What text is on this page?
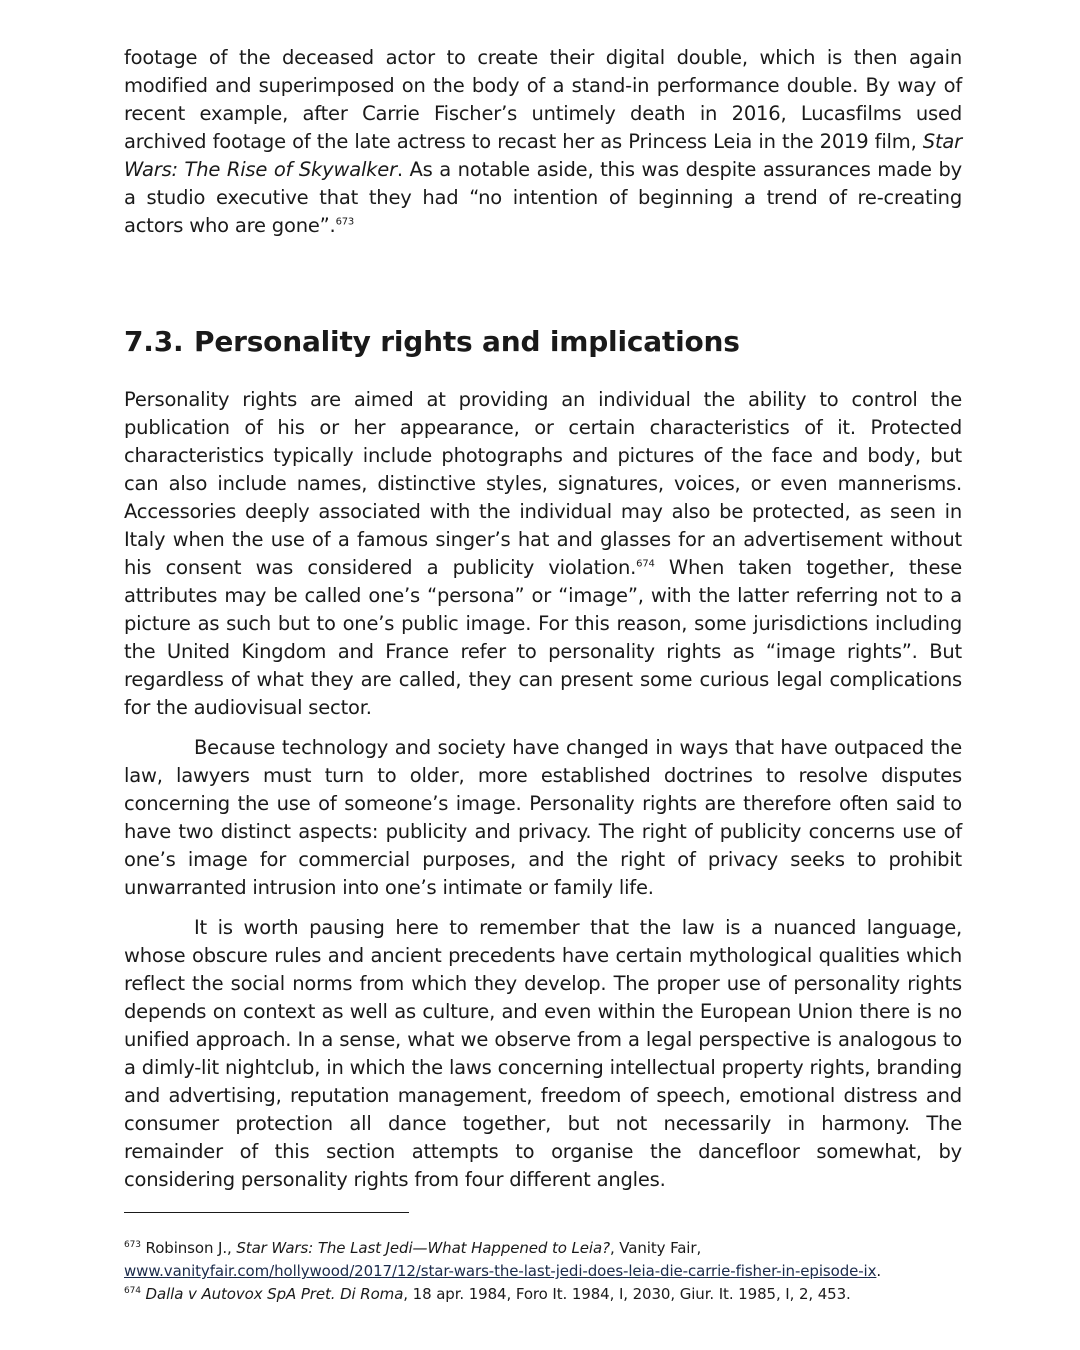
footage of the deceased actor to create their digital double, which is then again modified and superimposed on the body of a stand-in performance double. By way of recent example, after Carrie Fischer’s untimely death in 2016, Lucasfilms used archived footage of the late actress to recast her as Princess Leia in the 2019 film, Star Wars: The Rise of Skywalker. As a notable aside, this was despite assurances made by a studio executive that they had “no intention of beginning a trend of re-creating actors who are gone”.$^{673}$

7.3. Personality rights and implications

Personality rights are aimed at providing an individual the ability to control the publication of his or her appearance, or certain characteristics of it. Protected characteristics typically include photographs and pictures of the face and body, but can also include names, distinctive styles, signatures, voices, or even mannerisms. Accessories deeply associated with the individual may also be protected, as seen in Italy when the use of a famous singer’s hat and glasses for an advertisement without his consent was considered a publicity violation.$^{674}$ When taken together, these attributes may be called one’s “persona” or “image”, with the latter referring not to a picture as such but to one’s public image. For this reason, some jurisdictions including the United Kingdom and France refer to personality rights as “image rights”. But regardless of what they are called, they can present some curious legal complications for the audiovisual sector.

Because technology and society have changed in ways that have outpaced the law, lawyers must turn to older, more established doctrines to resolve disputes concerning the use of someone’s image. Personality rights are therefore often said to have two distinct aspects: publicity and privacy. The right of publicity concerns use of one’s image for commercial purposes, and the right of privacy seeks to prohibit unwarranted intrusion into one’s intimate or family life.

It is worth pausing here to remember that the law is a nuanced language, whose obscure rules and ancient precedents have certain mythological qualities which reflect the social norms from which they develop. The proper use of personality rights depends on context as well as culture, and even within the European Union there is no unified approach. In a sense, what we observe from a legal perspective is analogous to a dimly-lit nightclub, in which the laws concerning intellectual property rights, branding and advertising, reputation management, freedom of speech, emotional distress and consumer protection all dance together, but not necessarily in harmony. The remainder of this section attempts to organise the dancefloor somewhat, by considering personality rights from four different angles.

$^{673}$ Robinson J., Star Wars: The Last Jedi—What Happened to Leia?, Vanity Fair,
www.vanityfair.com/hollywood/2017/12/star-wars-the-last-jedi-does-leia-die-carrie-fisher-in-episode-ix.

$^{674}$ Dalla v Autovox SpA Pret. Di Roma, 18 apr. 1984, Foro It. 1984, I, 2030, Giur. It. 1985, I, 2, 453.
